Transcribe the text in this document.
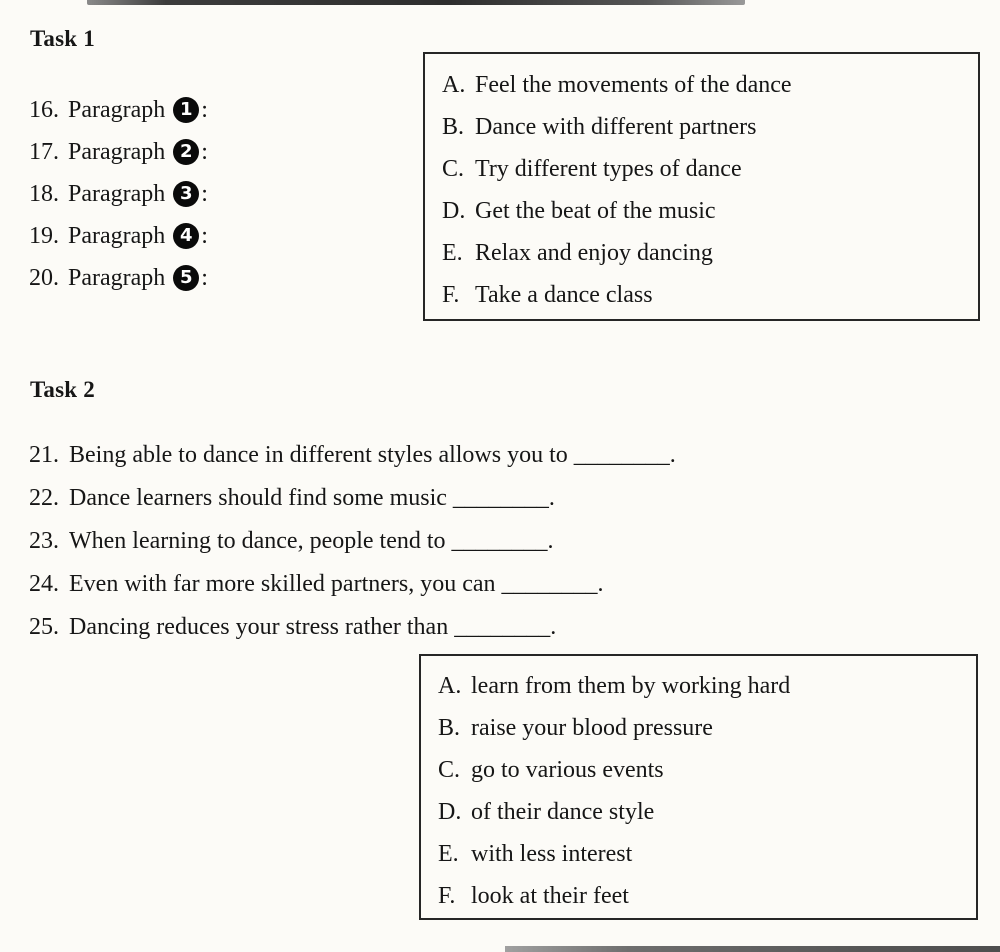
Task 1
16. Paragraph 1 :
17. Paragraph 2 :
18. Paragraph 3 :
19. Paragraph 4 :
20. Paragraph 5 :
A. Feel the movements of the dance
B. Dance with different partners
C. Try different types of dance
D. Get the beat of the music
E. Relax and enjoy dancing
F. Take a dance class
Task 2
21. Being able to dance in different styles allows you to ________.
22. Dance learners should find some music ________.
23. When learning to dance, people tend to ________.
24. Even with far more skilled partners, you can ________.
25. Dancing reduces your stress rather than ________.
A. learn from them by working hard
B. raise your blood pressure
C. go to various events
D. of their dance style
E. with less interest
F. look at their feet
